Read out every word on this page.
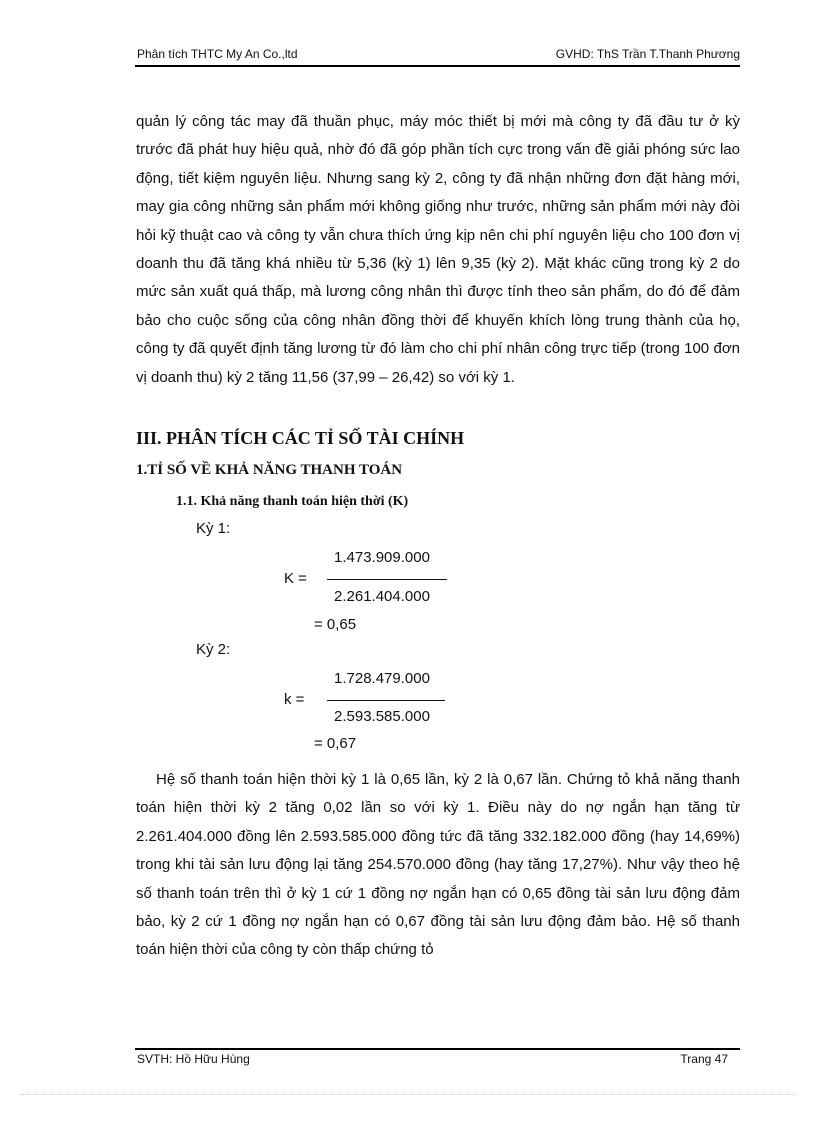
Phân tích THTC My An Co.,ltd	GVHD: ThS Trần T.Thanh Phương
quản lý công tác may đã thuần phục, máy móc thiết bị mới mà công ty đã đầu tư ở kỳ trước đã phát huy hiệu quả, nhờ đó đã góp phần tích cực trong vấn đề giải phóng sức lao động, tiết kiệm nguyên liệu. Nhưng sang kỳ 2, công ty đã nhận những đơn đặt hàng mới, may gia công những sản phẩm mới không giống như trước, những sản phẩm mới này đòi hỏi kỹ thuật cao và công ty vẫn chưa thích ứng kịp nên chi phí nguyên liệu cho 100 đơn vị doanh thu đã tăng khá nhiều từ 5,36 (kỳ 1) lên 9,35 (kỳ 2). Mặt khác cũng trong kỳ 2 do mức sản xuất quá thấp, mà lương công nhân thì được tính theo sản phẩm, do đó để đảm bảo cho cuộc sống của công nhân đồng thời để khuyến khích lòng trung thành của họ, công ty đã quyết định tăng lương từ đó làm cho chi phí nhân công trực tiếp (trong 100 đơn vị doanh thu) kỳ 2 tăng 11,56 (37,99 – 26,42) so với kỳ 1.
III. PHÂN TÍCH CÁC TỈ SỐ TÀI CHÍNH
1.TỈ SỐ VỀ KHẢ NĂNG THANH TOÁN
1.1. Khả năng thanh toán hiện thời (K)
Kỳ 1:
1.473.909.000
K =
2.261.404.000
= 0,65
Kỳ 2:
1.728.479.000
k =
2.593.585.000
= 0,67
Hệ số thanh toán hiện thời kỳ 1 là 0,65 lần, kỳ 2 là 0,67 lần. Chứng tỏ khả năng thanh toán hiện thời kỳ 2 tăng 0,02 lần so với kỳ 1. Điều này do nợ ngắn hạn tăng từ 2.261.404.000 đồng lên 2.593.585.000 đồng tức đã tăng 332.182.000 đồng (hay 14,69%) trong khi tài sản lưu động lại tăng 254.570.000 đồng (hay tăng 17,27%). Như vậy theo hệ số thanh toán trên thì ở kỳ 1 cứ 1 đồng nợ ngắn hạn có 0,65 đồng tài sản lưu động đảm bảo, kỳ 2 cứ 1 đồng nợ ngắn hạn có 0,67 đồng tài sản lưu động đảm bảo. Hệ số thanh toán hiện thời của công ty còn thấp chứng tỏ
SVTH: Hồ Hữu Hùng	Trang 47
